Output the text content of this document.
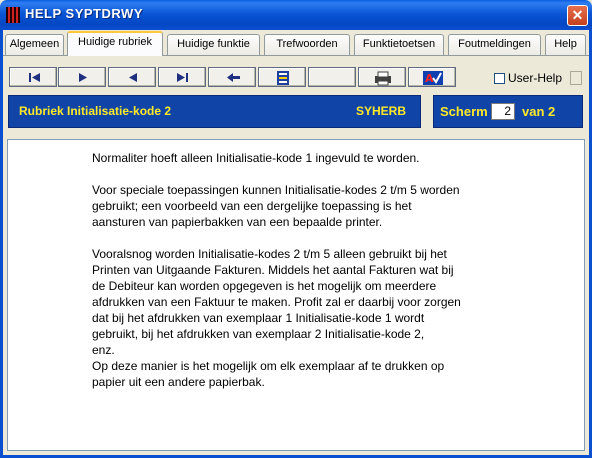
HELP SYPTDRWY	✕
Algemeen	Huidige rubriek	Huidige funktie	Trefwoorden	Funktietoetsen	Foutmeldingen	Help
A	User-Help
Rubriek Initialisatie-kode 2	SYHERB	Scherm	2 van 2
Normaliter hoeft alleen Initialisatie-kode 1 ingevuld te worden.

Voor speciale toepassingen kunnen Initialisatie-kodes 2 t/m 5 worden
gebruikt; een voorbeeld van een dergelijke toepassing is het
aansturen van papierbakken van een bepaalde printer.

Vooralsnog worden Initialisatie-kodes 2 t/m 5 alleen gebruikt bij het
Printen van Uitgaande Fakturen. Middels het aantal Fakturen wat bij
de Debiteur kan worden opgegeven is het mogelijk om meerdere
afdrukken van een Faktuur te maken. Profit zal er daarbij voor zorgen
dat bij het afdrukken van exemplaar 1 Initialisatie-kode 1 wordt
gebruikt, bij het afdrukken van exemplaar 2 Initialisatie-kode 2,
enz.
Op deze manier is het mogelijk om elk exemplaar af te drukken op
papier uit een andere papierbak.
